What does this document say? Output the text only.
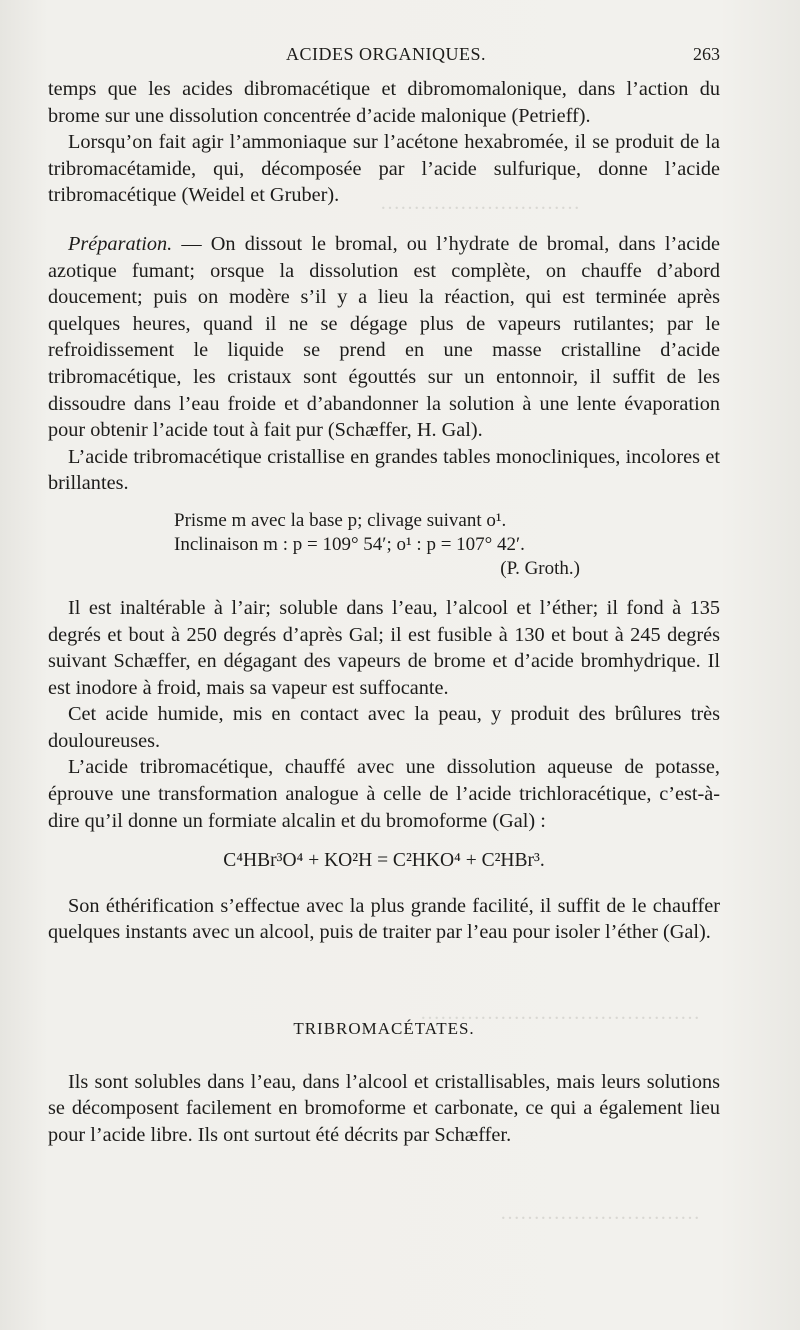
…………………………
……………………………………
…………………………
ACIDES ORGANIQUES.	263

temps que les acides dibromacétique et dibromomalonique, dans l’action du brome sur une dissolution concentrée d’acide malonique (Petrieff).

Lorsqu’on fait agir l’ammoniaque sur l’acétone hexabromée, il se produit de la tribromacétamide, qui, décomposée par l’acide sulfurique, donne l’acide tribromacétique (Weidel et Gruber).

Préparation. — On dissout le bromal, ou l’hydrate de bromal, dans l’acide azotique fumant; orsque la dissolution est complète, on chauffe d’abord doucement; puis on modère s’il y a lieu la réaction, qui est terminée après quelques heures, quand il ne se dégage plus de vapeurs rutilantes; par le refroidissement le liquide se prend en une masse cristalline d’acide tribromacétique, les cristaux sont égouttés sur un entonnoir, il suffit de les dissoudre dans l’eau froide et d’abandonner la solution à une lente évaporation pour obtenir l’acide tout à fait pur (Schæffer, H. Gal).

L’acide tribromacétique cristallise en grandes tables monocliniques, incolores et brillantes.

Prisme m avec la base p; clivage suivant o¹.
Inclinaison m : p = 109° 54′; o¹ : p = 107° 42′.
(P. Groth.)

Il est inaltérable à l’air; soluble dans l’eau, l’alcool et l’éther; il fond à 135 degrés et bout à 250 degrés d’après Gal; il est fusible à 130 et bout à 245 degrés suivant Schæffer, en dégagant des vapeurs de brome et d’acide bromhydrique. Il est inodore à froid, mais sa vapeur est suffocante.

Cet acide humide, mis en contact avec la peau, y produit des brûlures très douloureuses.

L’acide tribromacétique, chauffé avec une dissolution aqueuse de potasse, éprouve une transformation analogue à celle de l’acide trichloracétique, c’est-à-dire qu’il donne un formiate alcalin et du bromoforme (Gal) :

C⁴HBr³O⁴ + KO²H = C²HKO⁴ + C²HBr³.

Son éthérification s’effectue avec la plus grande facilité, il suffit de le chauffer quelques instants avec un alcool, puis de traiter par l’eau pour isoler l’éther (Gal).

TRIBROMACÉTATES.

Ils sont solubles dans l’eau, dans l’alcool et cristallisables, mais leurs solutions se décomposent facilement en bromoforme et carbonate, ce qui a également lieu pour l’acide libre. Ils ont surtout été décrits par Schæffer.
